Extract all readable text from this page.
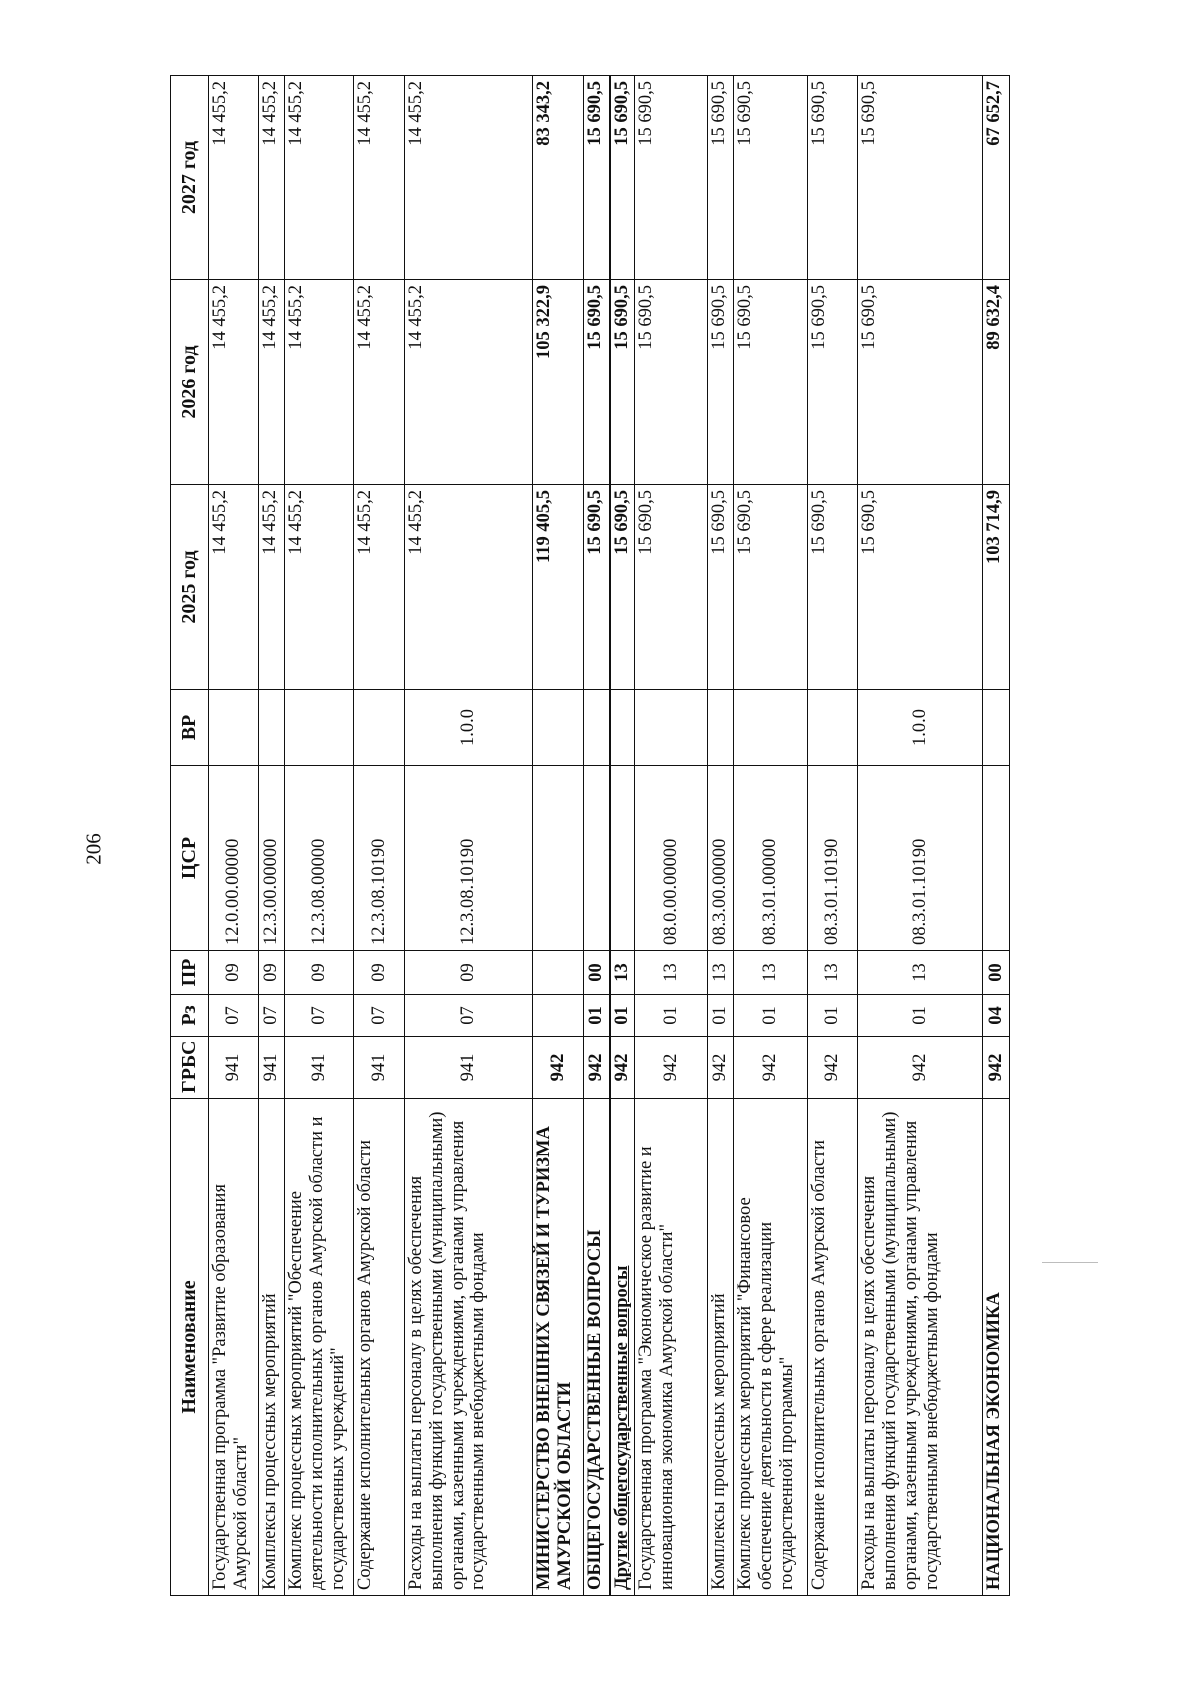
206
Наименование	ГРБС	Рз	ПР	ЦСР	ВР	2025 год	2026 год	2027 год
Государственная программа "Развитие образования Амурской области"	941	07	09	12.0.00.00000		14 455,2	14 455,2	14 455,2
Комплексы процессных мероприятий	941	07	09	12.3.00.00000		14 455,2	14 455,2	14 455,2
Комплекс процессных мероприятий "Обеспечение деятельности исполнительных органов Амурской области и государственных учреждений"	941	07	09	12.3.08.00000		14 455,2	14 455,2	14 455,2
Содержание исполнительных органов Амурской области	941	07	09	12.3.08.10190		14 455,2	14 455,2	14 455,2
Расходы на выплаты персоналу в целях обеспечения выполнения функций государственными (муниципальными) органами, казенными учреждениями, органами управления государственными внебюджетными фондами	941	07	09	12.3.08.10190	1.0.0	14 455,2	14 455,2	14 455,2
МИНИСТЕРСТВО ВНЕШНИХ СВЯЗЕЙ И ТУРИЗМА АМУРСКОЙ ОБЛАСТИ	942					119 405,5	105 322,9	83 343,2
ОБЩЕГОСУДАРСТВЕННЫЕ ВОПРОСЫ	942	01	00			15 690,5	15 690,5	15 690,5
Другие общегосударственные вопросы	942	01	13			15 690,5	15 690,5	15 690,5
Государственная программа "Экономическое развитие и инновационная экономика Амурской области"	942	01	13	08.0.00.00000		15 690,5	15 690,5	15 690,5
Комплексы процессных мероприятий	942	01	13	08.3.00.00000		15 690,5	15 690,5	15 690,5
Комплекс процессных мероприятий "Финансовое обеспечение деятельности в сфере реализации государственной программы"	942	01	13	08.3.01.00000		15 690,5	15 690,5	15 690,5
Содержание исполнительных органов Амурской области	942	01	13	08.3.01.10190		15 690,5	15 690,5	15 690,5
Расходы на выплаты персоналу в целях обеспечения выполнения функций государственными (муниципальными) органами, казенными учреждениями, органами управления государственными внебюджетными фондами	942	01	13	08.3.01.10190	1.0.0	15 690,5	15 690,5	15 690,5
НАЦИОНАЛЬНАЯ ЭКОНОМИКА	942	04	00			103 714,9	89 632,4	67 652,7
